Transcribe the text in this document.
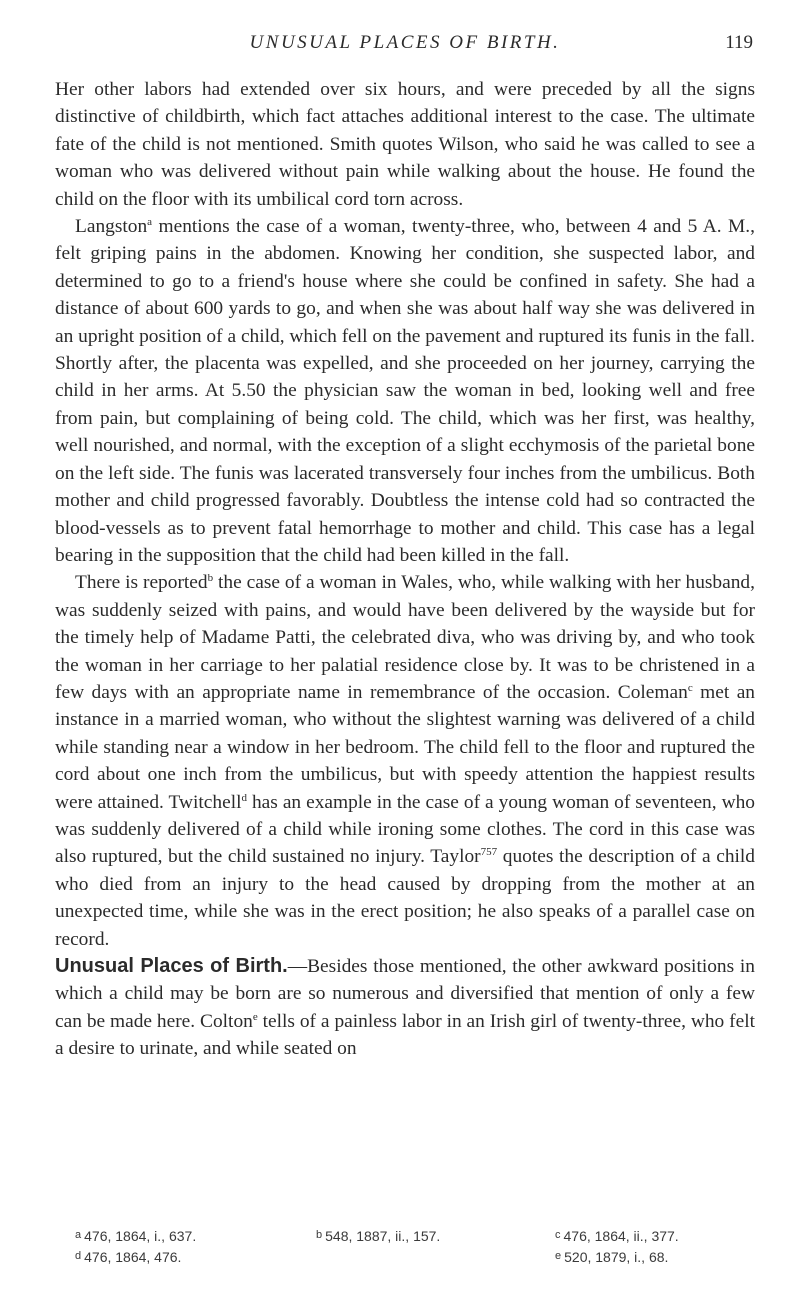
UNUSUAL PLACES OF BIRTH.	119

Her other labors had extended over six hours, and were preceded by all the signs distinctive of childbirth, which fact attaches additional interest to the case. The ultimate fate of the child is not mentioned. Smith quotes Wilson, who said he was called to see a woman who was delivered without pain while walking about the house. He found the child on the floor with its umbilical cord torn across.

Langston$^a$ mentions the case of a woman, twenty-three, who, between 4 and 5 A. M., felt griping pains in the abdomen. Knowing her condition, she suspected labor, and determined to go to a friend's house where she could be confined in safety. She had a distance of about 600 yards to go, and when she was about half way she was delivered in an upright position of a child, which fell on the pavement and ruptured its funis in the fall. Shortly after, the placenta was expelled, and she proceeded on her journey, carrying the child in her arms. At 5.50 the physician saw the woman in bed, looking well and free from pain, but complaining of being cold. The child, which was her first, was healthy, well nourished, and normal, with the exception of a slight ecchymosis of the parietal bone on the left side. The funis was lacerated transversely four inches from the umbilicus. Both mother and child progressed favorably. Doubtless the intense cold had so contracted the blood-vessels as to prevent fatal hemorrhage to mother and child. This case has a legal bearing in the supposition that the child had been killed in the fall.

There is reported$^b$ the case of a woman in Wales, who, while walking with her husband, was suddenly seized with pains, and would have been delivered by the wayside but for the timely help of Madame Patti, the celebrated diva, who was driving by, and who took the woman in her carriage to her palatial residence close by. It was to be christened in a few days with an appropriate name in remembrance of the occasion. Coleman$^c$ met an instance in a married woman, who without the slightest warning was delivered of a child while standing near a window in her bedroom. The child fell to the floor and ruptured the cord about one inch from the umbilicus, but with speedy attention the happiest results were attained. Twitchell$^d$ has an example in the case of a young woman of seventeen, who was suddenly delivered of a child while ironing some clothes. The cord in this case was also ruptured, but the child sustained no injury. Taylor$^{757}$ quotes the description of a child who died from an injury to the head caused by dropping from the mother at an unexpected time, while she was in the erect position; he also speaks of a parallel case on record.

Unusual Places of Birth.—Besides those mentioned, the other awkward positions in which a child may be born are so numerous and diversified that mention of only a few can be made here. Colton$^e$ tells of a painless labor in an Irish girl of twenty-three, who felt a desire to urinate, and while seated on

$^a$ 476, 1864, i., 637.	$^b$ 548, 1887, ii., 157.	$^c$ 476, 1864, ii., 377.
$^d$ 476, 1864, 476.	$^e$ 520, 1879, i., 68.
